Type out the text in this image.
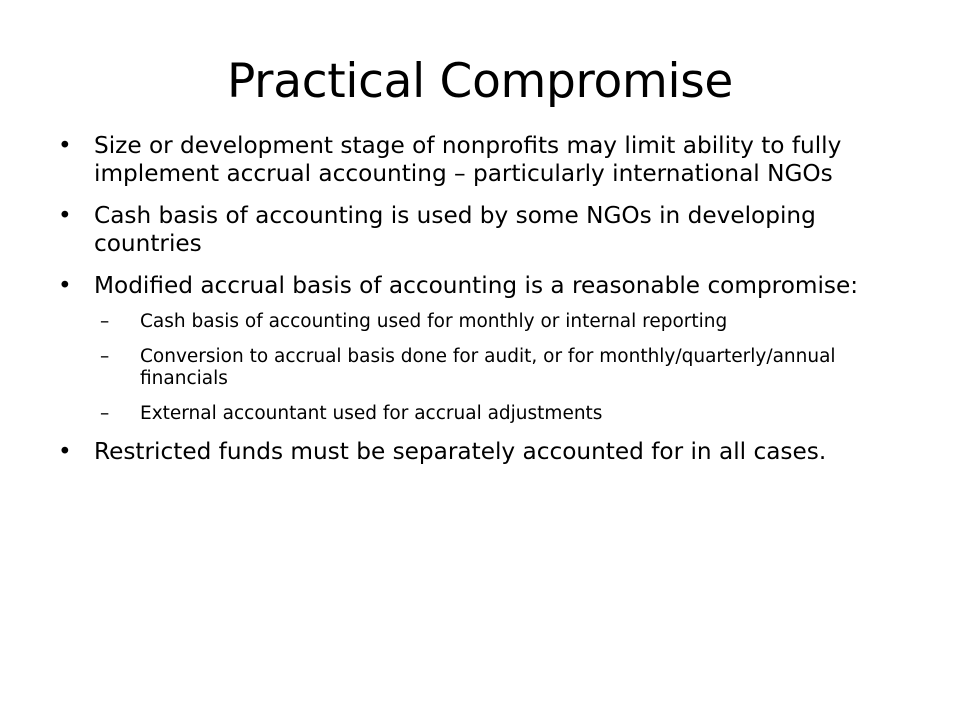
Practical Compromise
• Size or development stage of nonprofits may limit ability to fully implement accrual accounting – particularly international NGOs
• Cash basis of accounting is used by some NGOs in developing countries
• Modified accrual basis of accounting is a reasonable compromise:
– Cash basis of accounting used for monthly or internal reporting
– Conversion to accrual basis done for audit, or for monthly/quarterly/annual financials
– External accountant used for accrual adjustments
• Restricted funds must be separately accounted for in all cases.
